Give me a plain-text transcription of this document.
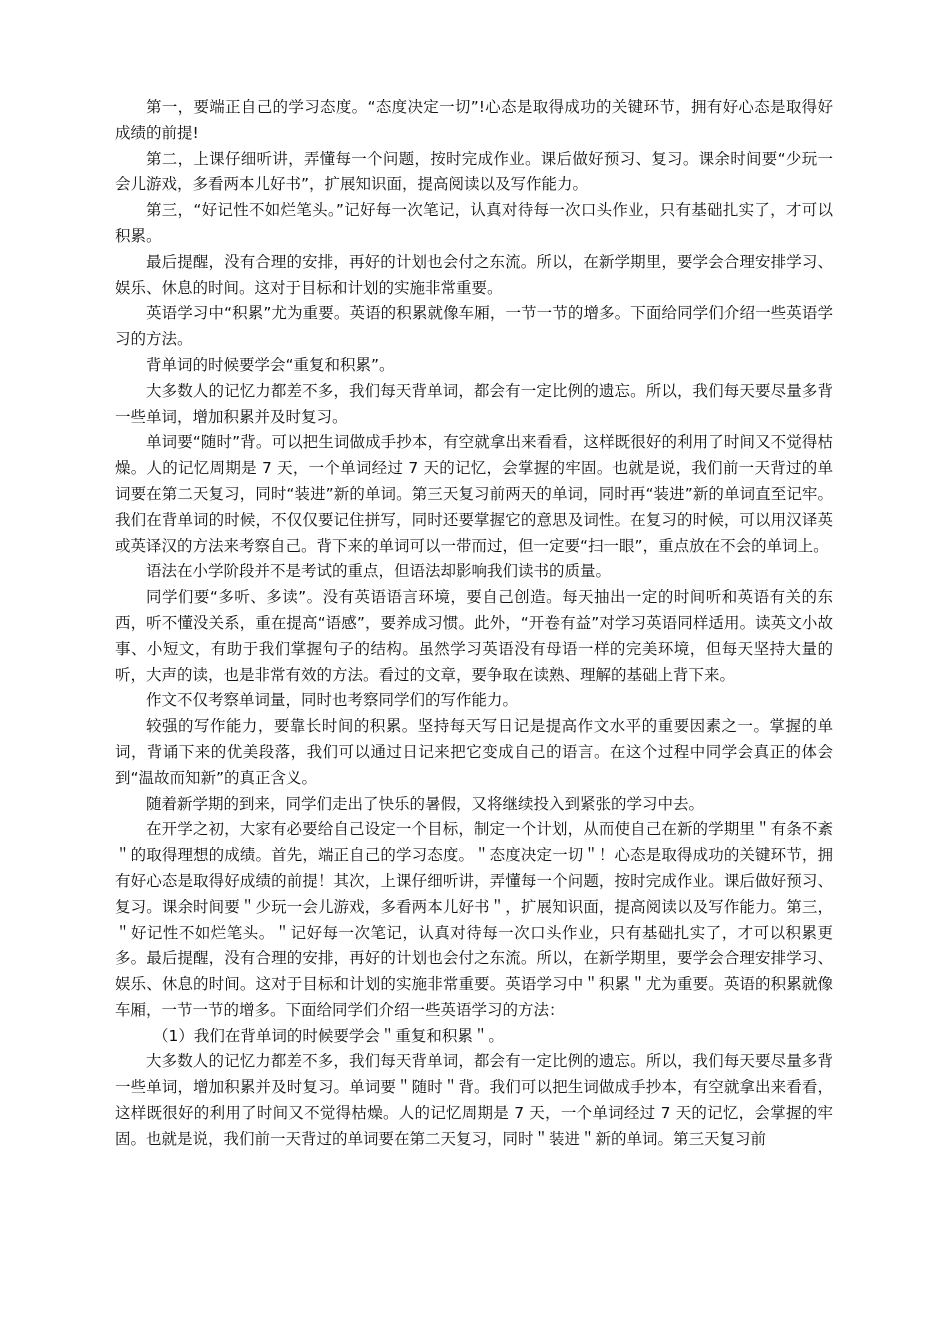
第一，要端正自己的学习态度。“态度决定一切”!心态是取得成功的关键环节，拥有好心态是取得好成绩的前提!

第二，上课仔细听讲，弄懂每一个问题，按时完成作业。课后做好预习、复习。课余时间要“少玩一会儿游戏，多看两本儿好书”，扩展知识面，提高阅读以及写作能力。

第三，“好记性不如烂笔头。”记好每一次笔记，认真对待每一次口头作业，只有基础扎实了，才可以积累。

最后提醒，没有合理的安排，再好的计划也会付之东流。所以，在新学期里，要学会合理安排学习、娱乐、休息的时间。这对于目标和计划的实施非常重要。

英语学习中“积累”尤为重要。英语的积累就像车厢，一节一节的增多。下面给同学们介绍一些英语学习的方法。

背单词的时候要学会“重复和积累”。

大多数人的记忆力都差不多，我们每天背单词，都会有一定比例的遗忘。所以，我们每天要尽量多背一些单词，增加积累并及时复习。

单词要“随时”背。可以把生词做成手抄本，有空就拿出来看看，这样既很好的利用了时间又不觉得枯燥。人的记忆周期是 7 天，一个单词经过 7 天的记忆，会掌握的牢固。也就是说，我们前一天背过的单词要在第二天复习，同时“装进”新的单词。第三天复习前两天的单词，同时再“装进”新的单词直至记牢。我们在背单词的时候，不仅仅要记住拼写，同时还要掌握它的意思及词性。在复习的时候，可以用汉译英或英译汉的方法来考察自己。背下来的单词可以一带而过，但一定要“扫一眼”，重点放在不会的单词上。

语法在小学阶段并不是考试的重点，但语法却影响我们读书的质量。

同学们要“多听、多读”。没有英语语言环境，要自己创造。每天抽出一定的时间听和英语有关的东西，听不懂没关系，重在提高“语感”，要养成习惯。此外，“开卷有益”对学习英语同样适用。读英文小故事、小短文，有助于我们掌握句子的结构。虽然学习英语没有母语一样的完美环境，但每天坚持大量的听，大声的读，也是非常有效的方法。看过的文章，要争取在读熟、理解的基础上背下来。

作文不仅考察单词量，同时也考察同学们的写作能力。

较强的写作能力，要靠长时间的积累。坚持每天写日记是提高作文水平的重要因素之一。掌握的单词，背诵下来的优美段落，我们可以通过日记来把它变成自己的语言。在这个过程中同学会真正的体会到“温故而知新”的真正含义。

随着新学期的到来，同学们走出了快乐的暑假，又将继续投入到紧张的学习中去。

在开学之初，大家有必要给自己设定一个目标，制定一个计划，从而使自己在新的学期里＂有条不紊＂的取得理想的成绩。首先，端正自己的学习态度。＂态度决定一切＂！心态是取得成功的关键环节，拥有好心态是取得好成绩的前提！其次，上课仔细听讲，弄懂每一个问题，按时完成作业。课后做好预习、复习。课余时间要＂少玩一会儿游戏，多看两本儿好书＂，扩展知识面，提高阅读以及写作能力。第三，＂好记性不如烂笔头。＂记好每一次笔记，认真对待每一次口头作业，只有基础扎实了，才可以积累更多。最后提醒，没有合理的安排，再好的计划也会付之东流。所以，在新学期里，要学会合理安排学习、娱乐、休息的时间。这对于目标和计划的实施非常重要。英语学习中＂积累＂尤为重要。英语的积累就像车厢，一节一节的增多。下面给同学们介绍一些英语学习的方法：

（1）我们在背单词的时候要学会＂重复和积累＂。

大多数人的记忆力都差不多，我们每天背单词，都会有一定比例的遗忘。所以，我们每天要尽量多背一些单词，增加积累并及时复习。单词要＂随时＂背。我们可以把生词做成手抄本，有空就拿出来看看，这样既很好的利用了时间又不觉得枯燥。人的记忆周期是 7 天，一个单词经过 7 天的记忆，会掌握的牢固。也就是说，我们前一天背过的单词要在第二天复习，同时＂装进＂新的单词。第三天复习前
